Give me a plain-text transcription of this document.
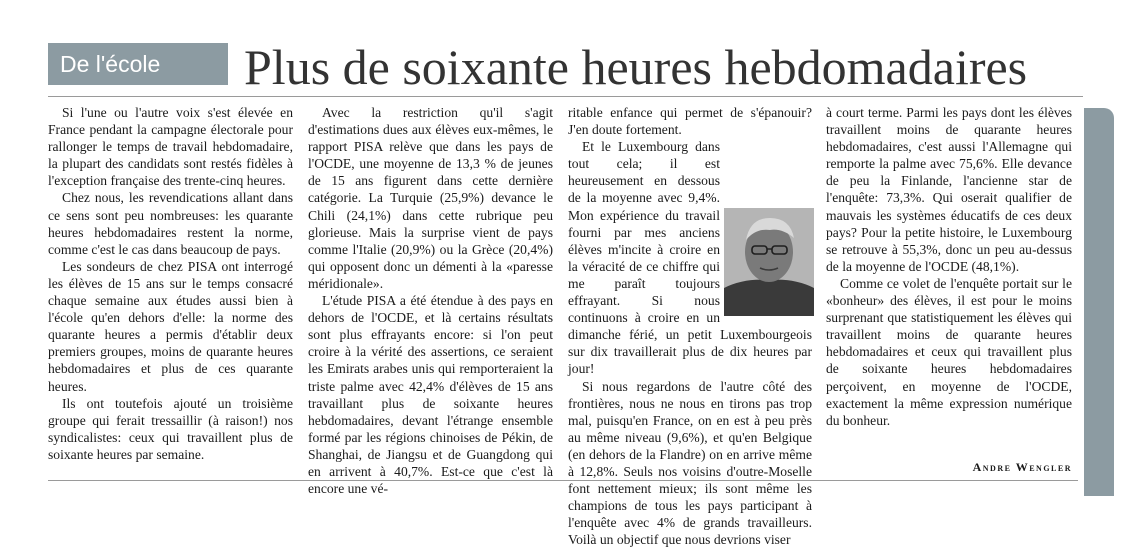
De l'école	Plus de soixante heures hebdomadaires

Si l'une ou l'autre voix s'est élevée en France pendant la campagne électorale pour rallonger le temps de travail hebdomadaire, la plupart des candidats sont restés fidèles à l'exception française des trente-cinq heures.

Chez nous, les revendications allant dans ce sens sont peu nombreuses: les quarante heures hebdomadaires restent la norme, comme c'est le cas dans beaucoup de pays.

Les sondeurs de chez PISA ont interrogé les élèves de 15 ans sur le temps consacré chaque semaine aux études aussi bien à l'école qu'en dehors d'elle: la norme des quarante heures a permis d'établir deux premiers groupes, moins de quarante heures hebdomadaires et plus de ces quarante heures.

Ils ont toutefois ajouté un troisième groupe qui ferait tressaillir (à raison!) nos syndicalistes: ceux qui travaillent plus de soixante heures par semaine.

Avec la restriction qu'il s'agit d'estimations dues aux élèves eux-mêmes, le rapport PISA relève que dans les pays de l'OCDE, une moyenne de 13,3 % de jeunes de 15 ans figurent dans cette dernière catégorie. La Turquie (25,9%) devance le Chili (24,1%) dans cette rubrique peu glorieuse. Mais la surprise vient de pays comme l'Italie (20,9%) ou la Grèce (20,4%) qui opposent donc un démenti à la «paresse méridionale».

L'étude PISA a été étendue à des pays en dehors de l'OCDE, et là certains résultats sont plus effrayants encore: si l'on peut croire à la vérité des assertions, ce seraient les Emirats arabes unis qui remporteraient la triste palme avec 42,4% d'élèves de 15 ans travaillant plus de soixante heures hebdomadaires, devant l'étrange ensemble formé par les régions chinoises de Pékin, de Shanghai, de Jiangsu et de Guangdong qui en arrivent à 40,7%. Est-ce que c'est là encore une vé-

ritable enfance qui permet de s'épanouir? J'en doute fortement.

Et le Luxembourg dans tout cela; il est heureusement en dessous de la moyenne avec 9,4%. Mon expérience du travail fourni par mes anciens élèves m'incite à croire en la véracité de ce chiffre qui me paraît toujours effrayant. Si nous continuons à croire en un dimanche férié, un petit Luxembourgeois sur dix travaillerait plus de dix heures par jour!

Si nous regardons de l'autre côté des frontières, nous ne nous en tirons pas trop mal, puisqu'en France, on en est à peu près au même niveau (9,6%), et qu'en Belgique (en dehors de la Flandre) on en arrive même à 12,8%. Seuls nos voisins d'outre-Moselle font nettement mieux; ils sont même les champions de tous les pays participant à l'enquête avec 4% de grands travailleurs. Voilà un objectif que nous devrions viser

à court terme. Parmi les pays dont les élèves travaillent moins de quarante heures hebdomadaires, c'est aussi l'Allemagne qui remporte la palme avec 75,6%. Elle devance de peu la Finlande, l'ancienne star de l'enquête: 73,3%. Qui oserait qualifier de mauvais les systèmes éducatifs de ces deux pays? Pour la petite histoire, le Luxembourg se retrouve à 55,3%, donc un peu au-dessus de la moyenne de l'OCDE (48,1%).

Comme ce volet de l'enquête portait sur le «bonheur» des élèves, il est pour le moins surprenant que statistiquement les élèves qui travaillent moins de quarante heures hebdomadaires et ceux qui travaillent plus de soixante heures hebdomadaires perçoivent, en moyenne de l'OCDE, exactement la même expression numérique du bonheur.

Andre Wengler
